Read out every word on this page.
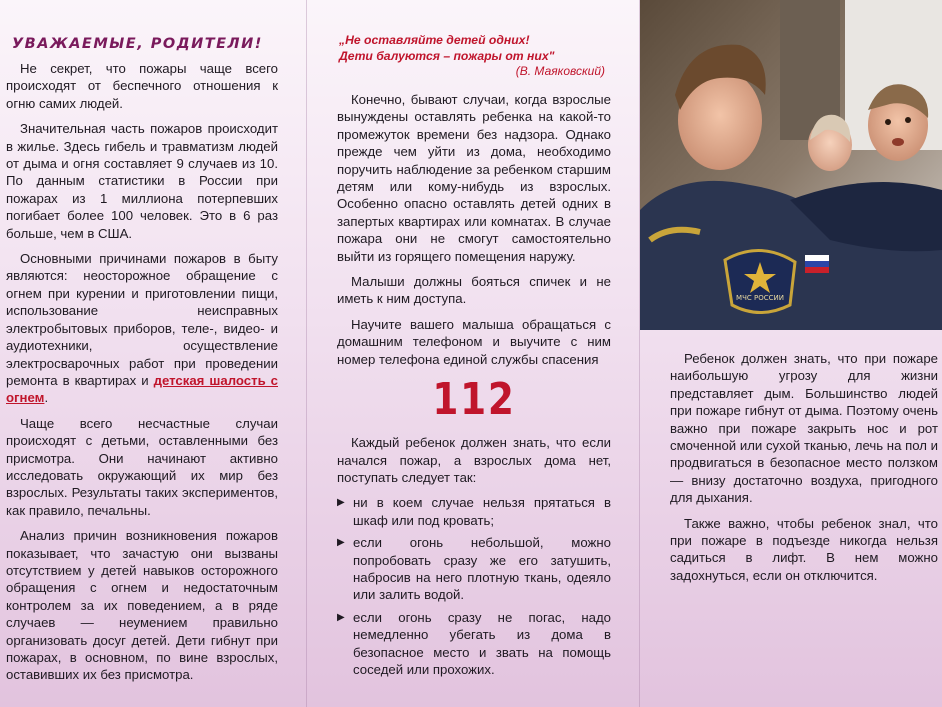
УВАЖАЕМЫЕ, РОДИТЕЛИ!

Не секрет, что пожары чаще всего происходят от беспечного отношения к огню самих людей.

Значительная часть пожаров происходит в жилье. Здесь гибель и травматизм людей от дыма и огня составляет 9 случаев из 10. По данным статистики в России при пожарах из 1 миллиона потерпевших погибает более 100 человек. Это в 6 раз больше, чем в США.

Основными причинами пожаров в быту являются: неосторожное обращение с огнем при курении и приготовлении пищи, использование неисправных электробытовых приборов, теле-, видео- и аудиотехники, осуществление электросварочных работ при проведении ремонта в квартирах и детская шалость с огнем.

Чаще всего несчастные случаи происходят с детьми, оставленными без присмотра. Они начинают активно исследовать окружающий их мир без взрослых. Результаты таких экспериментов, как правило, печальны.

Анализ причин возникновения пожаров показывает, что зачастую они вызваны отсутствием у детей навыков осторожного обращения с огнем и недостаточным контролем за их поведением, а в ряде случаев — неумением правильно организовать досуг детей. Дети гибнут при пожарах, в основном, по вине взрослых, оставивших их без присмотра.

„Не оставляйте детей одних!
Дети балуются – пожары от них"
(В. Маяковский)

Конечно, бывают случаи, когда взрослые вынуждены оставлять ребенка на какой-то промежуток времени без надзора. Однако прежде чем уйти из дома, необходимо поручить наблюдение за ребенком старшим детям или кому-нибудь из взрослых. Особенно опасно оставлять детей одних в запертых квартирах или комнатах. В случае пожара они не смогут самостоятельно выйти из горящего помещения наружу.

Малыши должны бояться спичек и не иметь к ним доступа.

Научите вашего малыша обращаться с домашним телефоном и выучите с ним номер телефона единой службы спасения

112

Каждый ребенок должен знать, что если начался пожар, а взрослых дома нет, поступать следует так:

▶ ни в коем случае нельзя прятаться в шкаф или под кровать;
▶ если огонь небольшой, можно попробовать сразу же его затушить, набросив на него плотную ткань, одеяло или залить водой.
▶ если огонь сразу не погас, надо немедленно убегать из дома в безопасное место и звать на помощь соседей или прохожих.
МЧС РОССИИ

Ребенок должен знать, что при пожаре наибольшую угрозу для жизни представляет дым. Большинство людей при пожаре гибнут от дыма. Поэтому очень важно при пожаре закрыть нос и рот смоченной или сухой тканью, лечь на пол и продвигаться в безопасное место ползком — внизу достаточно воздуха, пригодного для дыхания.

Также важно, чтобы ребенок знал, что при пожаре в подъезде никогда нельзя садиться в лифт. В нем можно задохнуться, если он отключится.
